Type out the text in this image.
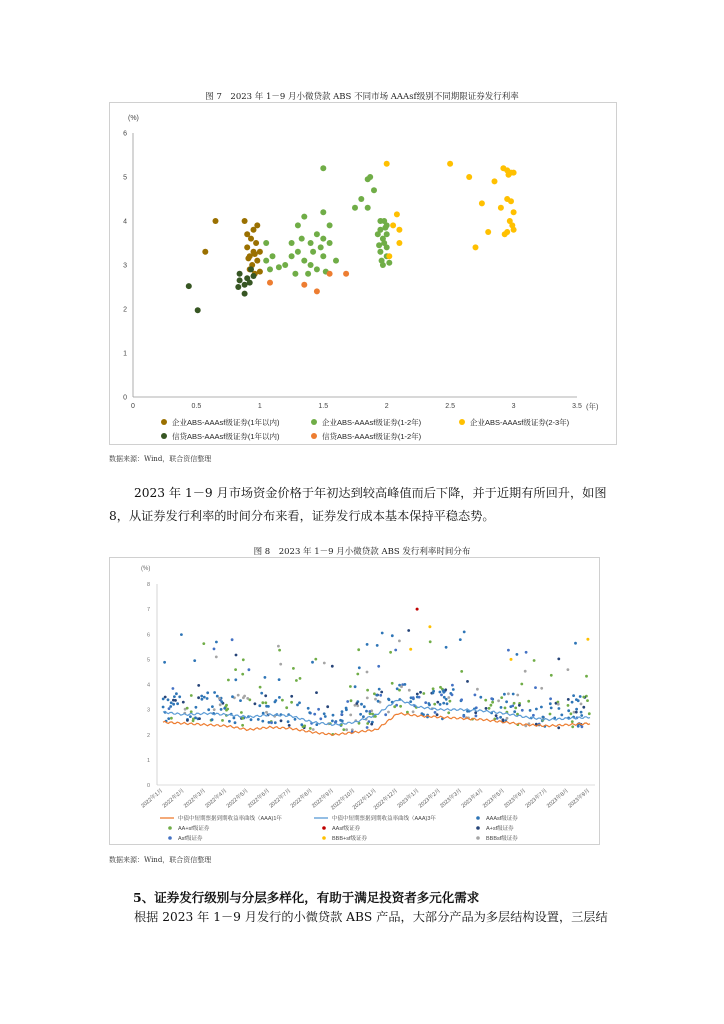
图 7　2023 年 1－9 月小微贷款 ABS 不同市场 AAAsf级别不同期限证券发行利率
(%)
(年)
0
1
2
3
4
5
6
0	0.5	1	1.5	2	2.5	3	3.5
企业ABS-AAAsf级证券(1年以内)	企业ABS-AAAsf级证券(1-2年)	企业ABS-AAAsf级证券(2-3年)
信贷ABS-AAAsf级证券(1年以内)	信贷ABS-AAAsf级证券(1-2年)
数据来源：Wind，联合资信整理
2023 年 1－9 月市场资金价格于年初达到较高峰值而后下降，并于近期有所回升，如图 8，从证券发行利率的时间分布来看，证券发行成本基本保持平稳态势。
图 8　2023 年 1－9 月小微贷款 ABS 发行利率时间分布
(%)
0
1
2
3
4
5
6
7
8
2022年1月
2022年2月
2022年3月
2022年4月
2022年5月
2022年6月
2022年7月
2022年8月
2022年9月
2022年10月
2022年11月
2022年12月
2023年1月
2023年2月
2023年3月
2023年4月
2023年5月
2023年6月
2023年7月
2023年8月
2023年9月
中债中短期票据到期收益率曲线（AAA)1年	中债中短期票据到期收益率曲线（AAA)3年	AAAsf级证券
AA+sf级证券	AAsf级证券	A+sf级证券
Asf级证券	BBB+sf级证券	BBBsf级证券
数据来源：Wind，联合资信整理
5、证券发行级别与分层多样化，有助于满足投资者多元化需求
根据 2023 年 1－9 月发行的小微贷款 ABS 产品，大部分产品为多层结构设置，三层结
